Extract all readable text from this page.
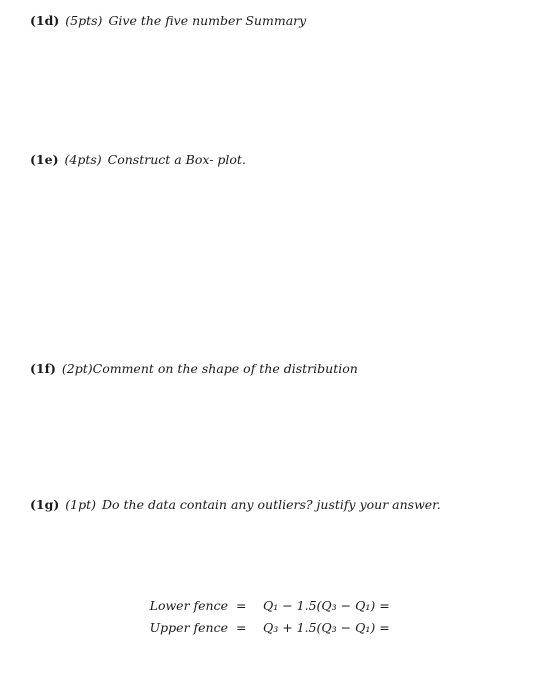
(1d) (5pts) Give the five number Summary
(1e) (4pts) Construct a Box- plot.
(1f) (2pt)Comment on the shape of the distribution
(1g) (1pt) Do the data contain any outliers? justify your answer.
Lower fence = Q₁ − 1.5(Q₃ − Q₁) =
Upper fence = Q₃ + 1.5(Q₃ − Q₁) =
